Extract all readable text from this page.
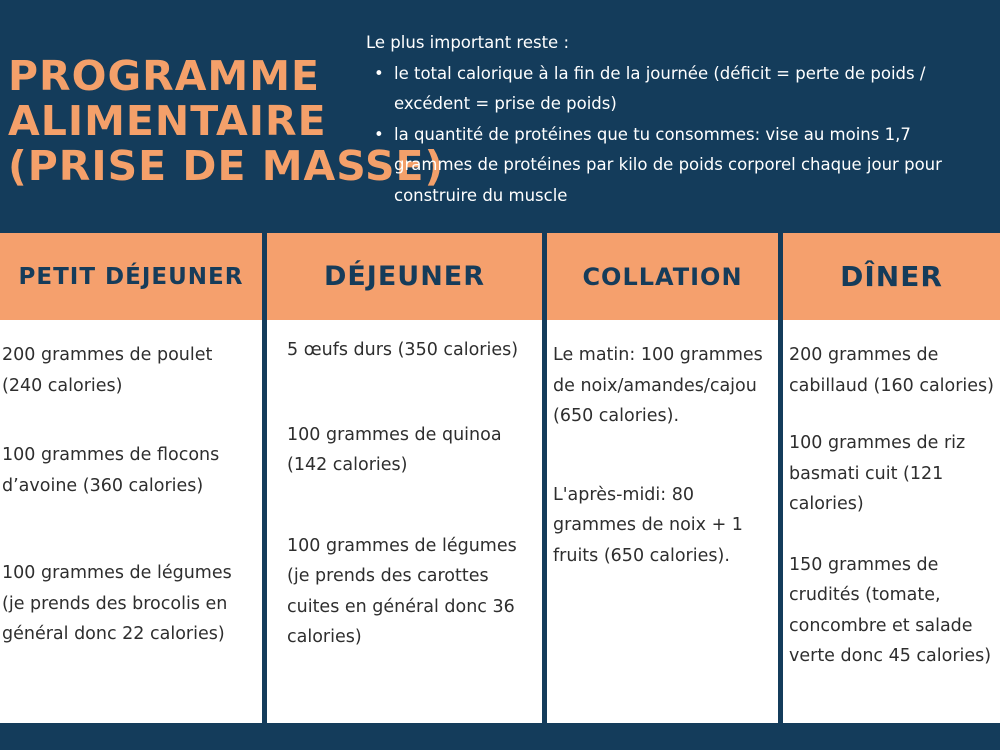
PROGRAMME
ALIMENTAIRE
(PRISE DE MASSE)

Le plus important reste :

• le total calorique à la fin de la journée (déficit = perte de poids / excédent = prise de poids)
• la quantité de protéines que tu consommes: vise au moins 1,7 grammes de protéines par kilo de poids corporel chaque jour pour construire du muscle
PETIT DÉJEUNER

200 grammes de poulet (240 calories)

100 grammes de flocons d’avoine (360 calories)

100 grammes de légumes (je prends des brocolis en général donc 22 calories)

DÉJEUNER

5 œufs durs (350 calories)

100 grammes de quinoa (142 calories)

100 grammes de légumes (je prends des carottes cuites en général donc 36 calories)

COLLATION

Le matin: 100 grammes de noix/amandes/cajou (650 calories).

L'après-midi: 80 grammes de noix + 1 fruits (650 calories).

DÎNER

200 grammes de cabillaud (160 calories)

100 grammes de riz basmati cuit (121 calories)

150 grammes de crudités (tomate, concombre et salade verte donc 45 calories)
